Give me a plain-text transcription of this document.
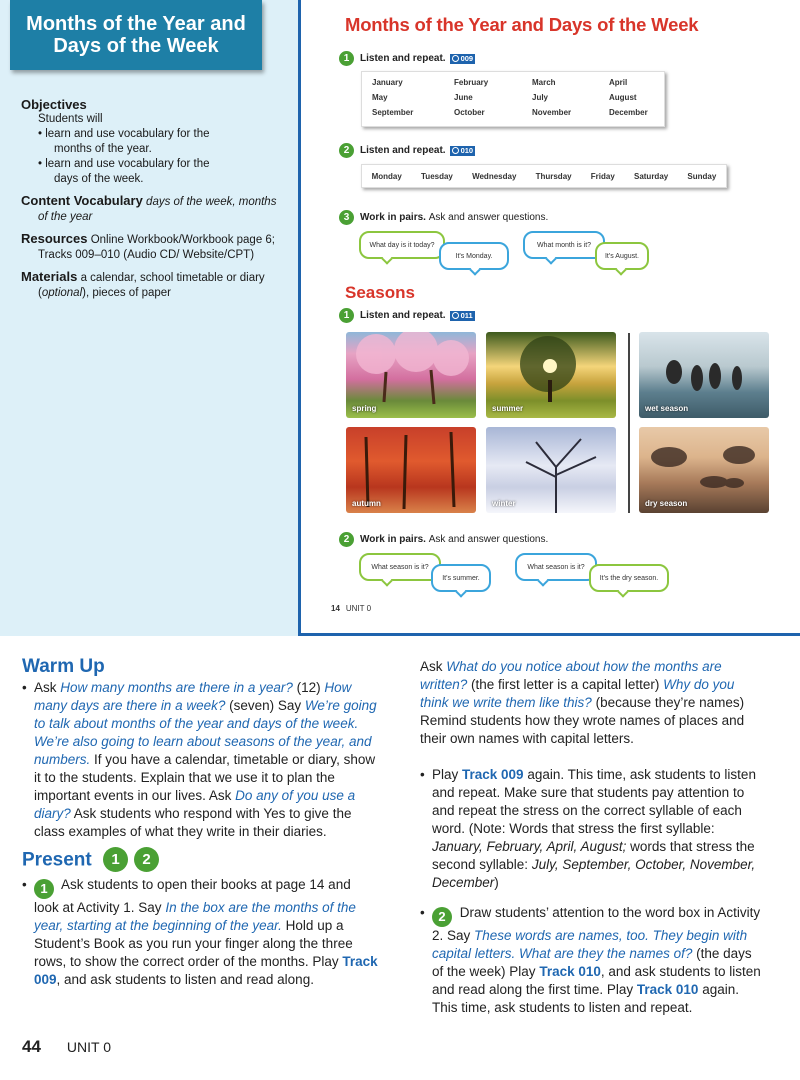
Months of the Year and
Days of the Week
Objectives
Students will
• learn and use vocabulary for the
months of the year.
• learn and use vocabulary for the
days of the week.
Content Vocabulary days of the week, months of the year
Resources Online Workbook/Workbook page 6; Tracks 009–010 (Audio CD/ Website/CPT)
Materials a calendar, school timetable or diary (optional), pieces of paper
Months of the Year and Days of the Week
1	Listen and repeat. 009
January	February	March	April
May	June	July	August
September	October	November	December
2	Listen and repeat. 010
Monday Tuesday Wednesday Thursday Friday Saturday Sunday
3	Work in pairs.
Ask and answer questions.
What day is it today?
It's Monday.
What month is it?
It's August.
Seasons
1	Listen and repeat. 011
spring	summer	wet season
autumn	winter	dry season
2	Work in pairs.
Ask and answer questions.
What season is it?
It's summer.
What season is it?
It's the dry season.
14 UNIT 0
Warm Up
• Ask How many months are there in a year? (12) How many days are there in a week? (seven) Say We’re going to talk about months of the year and days of the week. We’re also going to learn about seasons of the year, and numbers. If you have a calendar, timetable or diary, show it to the students. Explain that we use it to plan the important events in our lives. Ask Do any of you use a diary? Ask students who respond with Yes to give the class examples of what they write in their diaries.
Present 1 2
• 1 Ask students to open their books at page 14 and look at Activity 1. Say In the box are the months of the year, starting at the beginning of the year. Hold up a Student’s Book as you run your finger along the three rows, to show the correct order of the months. Play Track 009, and ask students to listen and read along.
Ask What do you notice about how the months are written? (the first letter is a capital letter) Why do you think we write them like this? (because they’re names) Remind students how they wrote names of places and their own names with capital letters.
• Play Track 009 again. This time, ask students to listen and repeat. Make sure that students pay attention to and repeat the stress on the correct syllable of each word. (Note: Words that stress the first syllable: January, February, April, August; words that stress the second syllable: July, September, October, November, December)
• 2 Draw students’ attention to the word box in Activity 2. Say These words are names, too. They begin with capital letters. What are they the names of? (the days of the week) Play Track 010, and ask students to listen and read along the first time. Play Track 010 again. This time, ask students to listen and repeat.
44 UNIT 0
